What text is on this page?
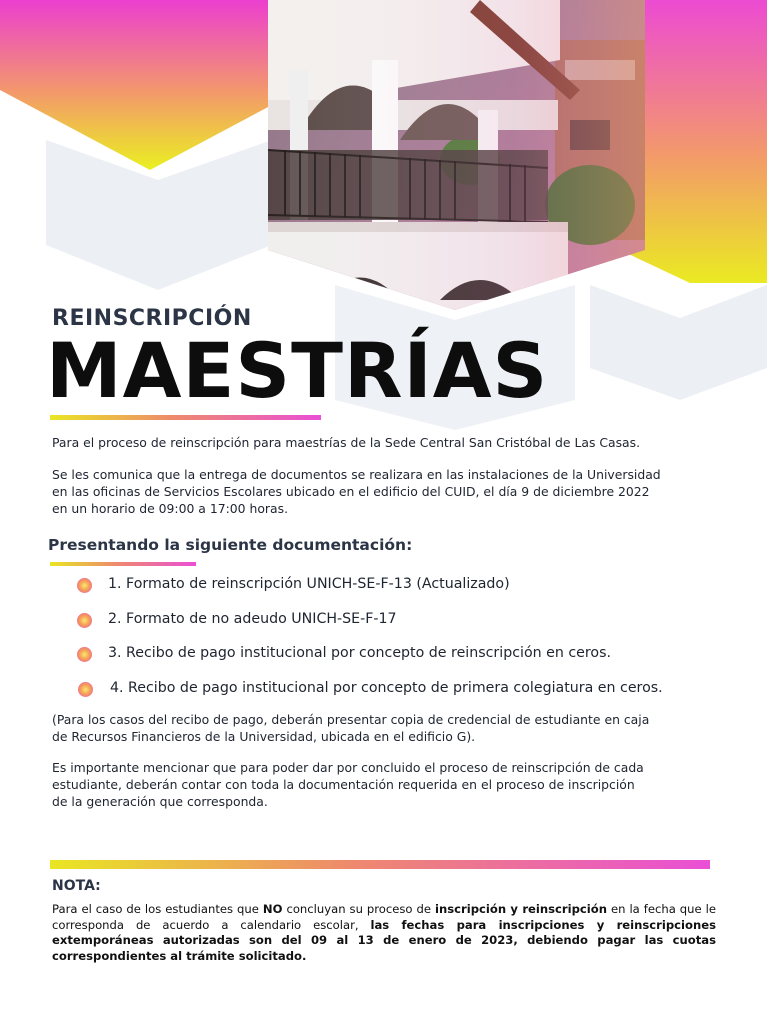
REINSCRIPCIÓN
MAESTRÍAS
Para el proceso de reinscripción para maestrías de la Sede Central San Cristóbal de Las Casas.
Se les comunica que la entrega de documentos se realizara en las instalaciones de la Universidad
en las oficinas de Servicios Escolares ubicado en el edificio del CUID, el día 9 de diciembre 2022
en un horario de 09:00 a 17:00 horas.
Presentando la siguiente documentación:
1. Formato de reinscripción UNICH-SE-F-13 (Actualizado)
2. Formato de no adeudo UNICH-SE-F-17
3. Recibo de pago institucional por concepto de reinscripción en ceros.
4. Recibo de pago institucional por concepto de primera colegiatura en ceros.
(Para los casos del recibo de pago, deberán presentar copia de credencial de estudiante en caja
de Recursos Financieros de la Universidad, ubicada en el edificio G).
Es importante mencionar que para poder dar por concluido el proceso de reinscripción de cada
estudiante, deberán contar con toda la documentación requerida en el proceso de inscripción
de la generación que corresponda.
NOTA:
Para el caso de los estudiantes que NO concluyan su proceso de inscripción y reinscripción en la fecha que le corresponda de acuerdo a calendario escolar, las fechas para inscripciones y reinscripciones extemporáneas autorizadas son del 09 al 13 de enero de 2023, debiendo pagar las cuotas correspondientes al trámite solicitado.
